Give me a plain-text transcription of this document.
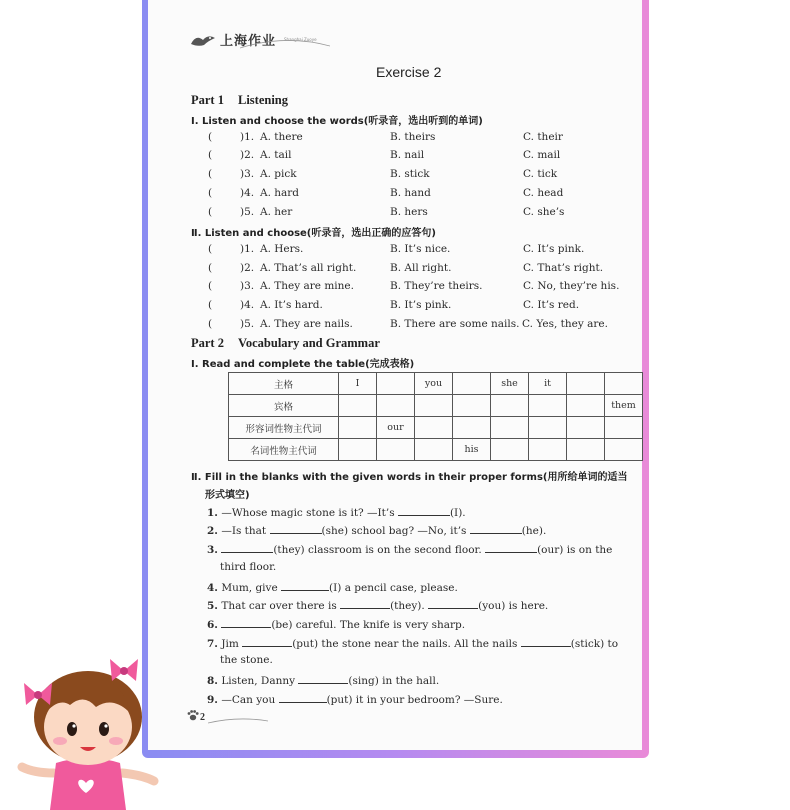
上海作业 Shanghai Zuoye
Exercise 2
Part 1 Listening
Ⅰ. Listen and choose the words(听录音，选出听到的单词)
(	)1. A. there	B. theirs	C. their
(	)2. A. tail	B. nail	C. mail
(	)3. A. pick	B. stick	C. tick
(	)4. A. hard	B. hand	C. head
(	)5. A. her	B. hers	C. she’s
Ⅱ. Listen and choose(听录音，选出正确的应答句)
(	)1. A. Hers.	B. It’s nice.	C. It’s pink.
(	)2. A. That’s all right.	B. All right.	C. That’s right.
(	)3. A. They are mine.	B. They’re theirs.	C. No, they’re his.
(	)4. A. It’s hard.	B. It’s pink.	C. It’s red.
(	)5. A. They are nails.	B. There are some nails. C. Yes, they are.
Part 2 Vocabulary and Grammar
Ⅰ. Read and complete the table(完成表格)
主格	I		you		she	it		
宾格								them
形容词性物主代词		our						
名词性物主代词				his				
Ⅱ. Fill in the blanks with the given words in their proper forms(用所给单词的适当
形式填空)
1. —Whose magic stone is it? —It’s	(I).
2. —Is that	(she) school bag? —No, it’s	(he).
3.	(they) classroom is on the second floor.	(our) is on the
third floor.
4. Mum, give	(I) a pencil case, please.
5. That car over there is	(they).	(you) is here.
6.	(be) careful. The knife is very sharp.
7. Jim	(put) the stone near the nails. All the nails	(stick) to
the stone.
8. Listen, Danny	(sing) in the hall.
9. —Can you	(put) it in your bedroom? —Sure.
2
